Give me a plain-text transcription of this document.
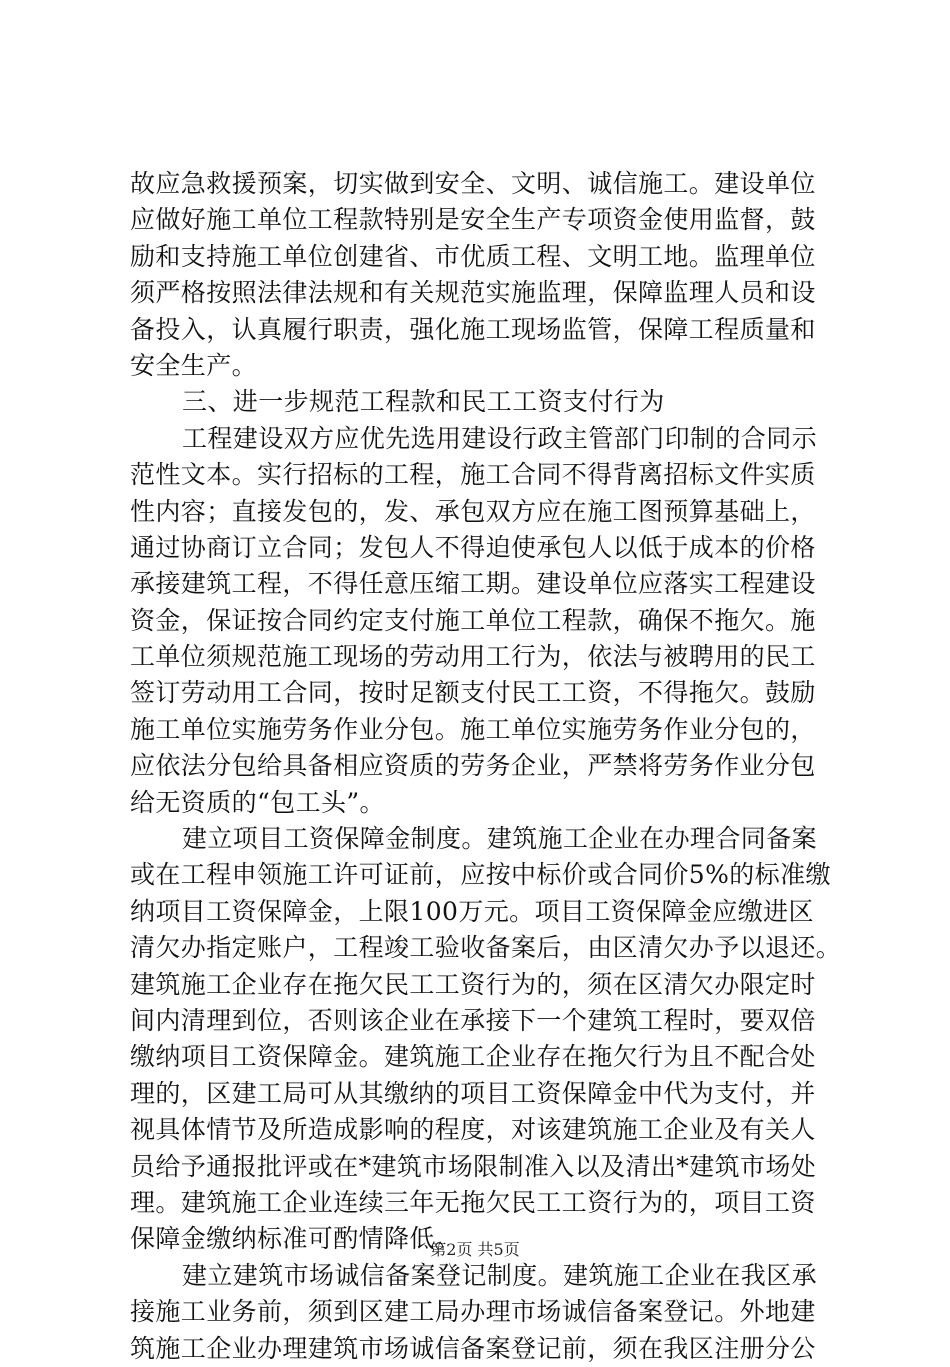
故应急救援预案，切实做到安全、文明、诚信施工。建设单位
应做好施工单位工程款特别是安全生产专项资金使用监督，鼓
励和支持施工单位创建省、市优质工程、文明工地。监理单位
须严格按照法律法规和有关规范实施监理，保障监理人员和设
备投入，认真履行职责，强化施工现场监管，保障工程质量和
安全生产。
三、进一步规范工程款和民工工资支付行为
工程建设双方应优先选用建设行政主管部门印制的合同示
范性文本。实行招标的工程，施工合同不得背离招标文件实质
性内容；直接发包的，发、承包双方应在施工图预算基础上，
通过协商订立合同；发包人不得迫使承包人以低于成本的价格
承接建筑工程，不得任意压缩工期。建设单位应落实工程建设
资金，保证按合同约定支付施工单位工程款，确保不拖欠。施
工单位须规范施工现场的劳动用工行为，依法与被聘用的民工
签订劳动用工合同，按时足额支付民工工资，不得拖欠。鼓励
施工单位实施劳务作业分包。施工单位实施劳务作业分包的，
应依法分包给具备相应资质的劳务企业，严禁将劳务作业分包
给无资质的“包工头”。
建立项目工资保障金制度。建筑施工企业在办理合同备案
或在工程申领施工许可证前，应按中标价或合同价5%的标准缴
纳项目工资保障金，上限100万元。项目工资保障金应缴进区
清欠办指定账户，工程竣工验收备案后，由区清欠办予以退还。
建筑施工企业存在拖欠民工工资行为的，须在区清欠办限定时
间内清理到位，否则该企业在承接下一个建筑工程时，要双倍
缴纳项目工资保障金。建筑施工企业存在拖欠行为且不配合处
理的，区建工局可从其缴纳的项目工资保障金中代为支付，并
视具体情节及所造成影响的程度，对该建筑施工企业及有关人
员给予通报批评或在*建筑市场限制准入以及清出*建筑市场处
理。建筑施工企业连续三年无拖欠民工工资行为的，项目工资
保障金缴纳标准可酌情降低。
建立建筑市场诚信备案登记制度。建筑施工企业在我区承
接施工业务前，须到区建工局办理市场诚信备案登记。外地建
筑施工企业办理建筑市场诚信备案登记前，须在我区注册分公
第2页 共5页
